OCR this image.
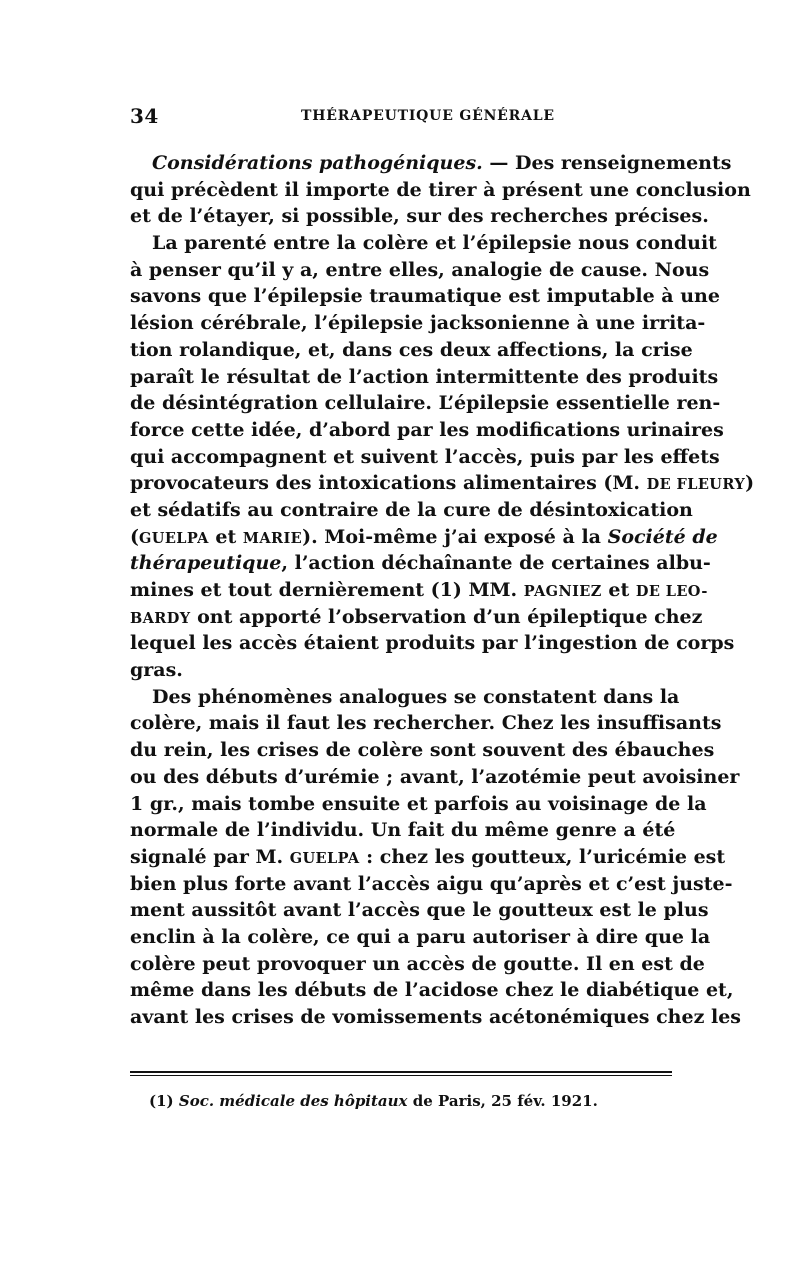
34	THÉRAPEUTIQUE GÉNÉRALE
Considérations pathogéniques. — Des renseignements
qui précèdent il importe de tirer à présent une conclusion
et de l’étayer, si possible, sur des recherches précises.
La parenté entre la colère et l’épilepsie nous conduit
à penser qu’il y a, entre elles, analogie de cause. Nous
savons que l’épilepsie traumatique est imputable à une
lésion cérébrale, l’épilepsie jacksonienne à une irrita-
tion rolandique, et, dans ces deux affections, la crise
paraît le résultat de l’action intermittente des produits
de désintégration cellulaire. L’épilepsie essentielle ren-
force cette idée, d’abord par les modifications urinaires
qui accompagnent et suivent l’accès, puis par les effets
provocateurs des intoxications alimentaires (M. DE FLEURY)
et sédatifs au contraire de la cure de désintoxication
(GUELPA et MARIE). Moi-même j’ai exposé à la Société de
thérapeutique, l’action déchaînante de certaines albu-
mines et tout dernièrement (1) MM. PAGNIEZ et DE LEO-
BARDY ont apporté l’observation d’un épileptique chez
lequel les accès étaient produits par l’ingestion de corps
gras.
Des phénomènes analogues se constatent dans la
colère, mais il faut les rechercher. Chez les insuffisants
du rein, les crises de colère sont souvent des ébauches
ou des débuts d’urémie ; avant, l’azotémie peut avoisiner
1 gr., mais tombe ensuite et parfois au voisinage de la
normale de l’individu. Un fait du même genre a été
signalé par M. GUELPA : chez les goutteux, l’uricémie est
bien plus forte avant l’accès aigu qu’après et c’est juste-
ment aussitôt avant l’accès que le goutteux est le plus
enclin à la colère, ce qui a paru autoriser à dire que la
colère peut provoquer un accès de goutte. Il en est de
même dans les débuts de l’acidose chez le diabétique et,
avant les crises de vomissements acétonémiques chez les
(1) Soc. médicale des hôpitaux de Paris, 25 fév. 1921.
